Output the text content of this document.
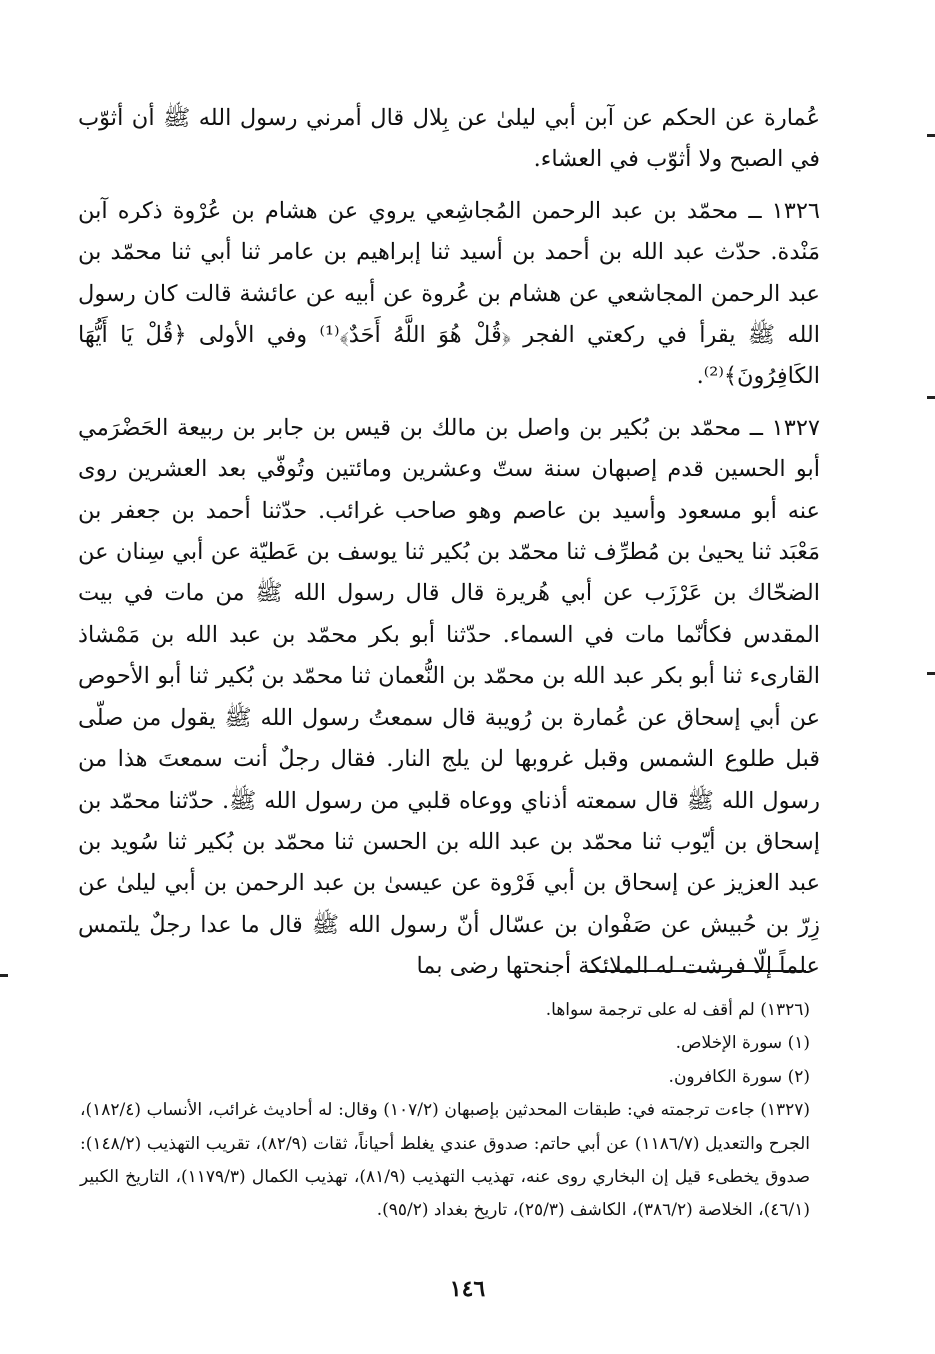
عُمارة عن الحكم عن آبن أبي ليلىٰ عن بِلال قال أمرني رسول الله ﷺ أن أثوّب في الصبح ولا أثوّب في العشاء.

١٣٢٦ ــ محمّد بن عبد الرحمن المُجاشِعي يروي عن هشام بن عُرْوة ذكره آبن مَنْدة. حدّث عبد الله بن أحمد بن أسيد ثنا إبراهيم بن عامر ثنا أبي ثنا محمّد بن عبد الرحمن المجاشعي عن هشام بن عُروة عن أبيه عن عائشة قالت كان رسول الله ﷺ يقرأ في ركعتي الفجر ﴿قُلْ هُوَ اللَّهُ أَحَدٌ﴾⁽¹⁾ وفي الأولى ﴿قُلْ يَا أَيُّهَا الكَافِرُونَ﴾⁽²⁾.

١٣٢٧ ــ محمّد بن بُكير بن واصل بن مالك بن قيس بن جابر بن ربيعة الحَضْرَمي أبو الحسين قدم إصبهان سنة ستّ وعشرين ومائتين وتُوفّي بعد العشرين روى عنه أبو مسعود وأسيد بن عاصم وهو صاحب غرائب. حدّثنا أحمد بن جعفر بن مَعْبَد ثنا يحيىٰ بن مُطرِّف ثنا محمّد بن بُكير ثنا يوسف بن عَطيّة عن أبي سِنان عن الضحّاك بن عَرْزَب عن أبي هُريرة قال قال رسول الله ﷺ من مات في بيت المقدس فكأنّما مات في السماء. حدّثنا أبو بكر محمّد بن عبد الله بن مَمْشاذ القارىء ثنا أبو بكر عبد الله بن محمّد بن النُّعمان ثنا محمّد بن بُكير ثنا أبو الأحوص عن أبي إسحاق عن عُمارة بن رُويبة قال سمعتُ رسول الله ﷺ يقول من صلّى قبل طلوع الشمس وقبل غروبها لن يلج النار. فقال رجلٌ أنت سمعتَ هذا من رسول الله ﷺ قال سمعته أذناي ووعاه قلبي من رسول الله ﷺ. حدّثنا محمّد بن إسحاق بن أيّوب ثنا محمّد بن عبد الله بن الحسن ثنا محمّد بن بُكير ثنا سُويد بن عبد العزيز عن إسحاق بن أبي فَرْوة عن عيسىٰ بن عبد الرحمن بن أبي ليلىٰ عن زِرّ بن حُبيش عن صَفْوان بن عسّال أنّ رسول الله ﷺ قال ما عدا رجلٌ يلتمس علماً إلّا فرشت له الملائكة أجنحتها رضى بما

(١٣٢٦) لم أقف له على ترجمة سواها.

(١) سورة الإخلاص.

(٢) سورة الكافرون.

(١٣٢٧) جاءت ترجمته في: طبقات المحدثين بإصبهان (١٠٧/٢) وقال: له أحاديث غرائب، الأنساب (١٨٢/٤)، الجرح والتعديل (١١٨٦/٧) عن أبي حاتم: صدوق عندي يغلط أحياناً، ثقات (٨٢/٩)، تقريب التهذيب (١٤٨/٢): صدوق يخطىء قيل إن البخاري روى عنه، تهذيب التهذيب (٨١/٩)، تهذيب الكمال (١١٧٩/٣)، التاريخ الكبير (٤٦/١)، الخلاصة (٣٨٦/٢)، الكاشف (٢٥/٣)، تاريخ بغداد (٩٥/٢).

١٤٦
